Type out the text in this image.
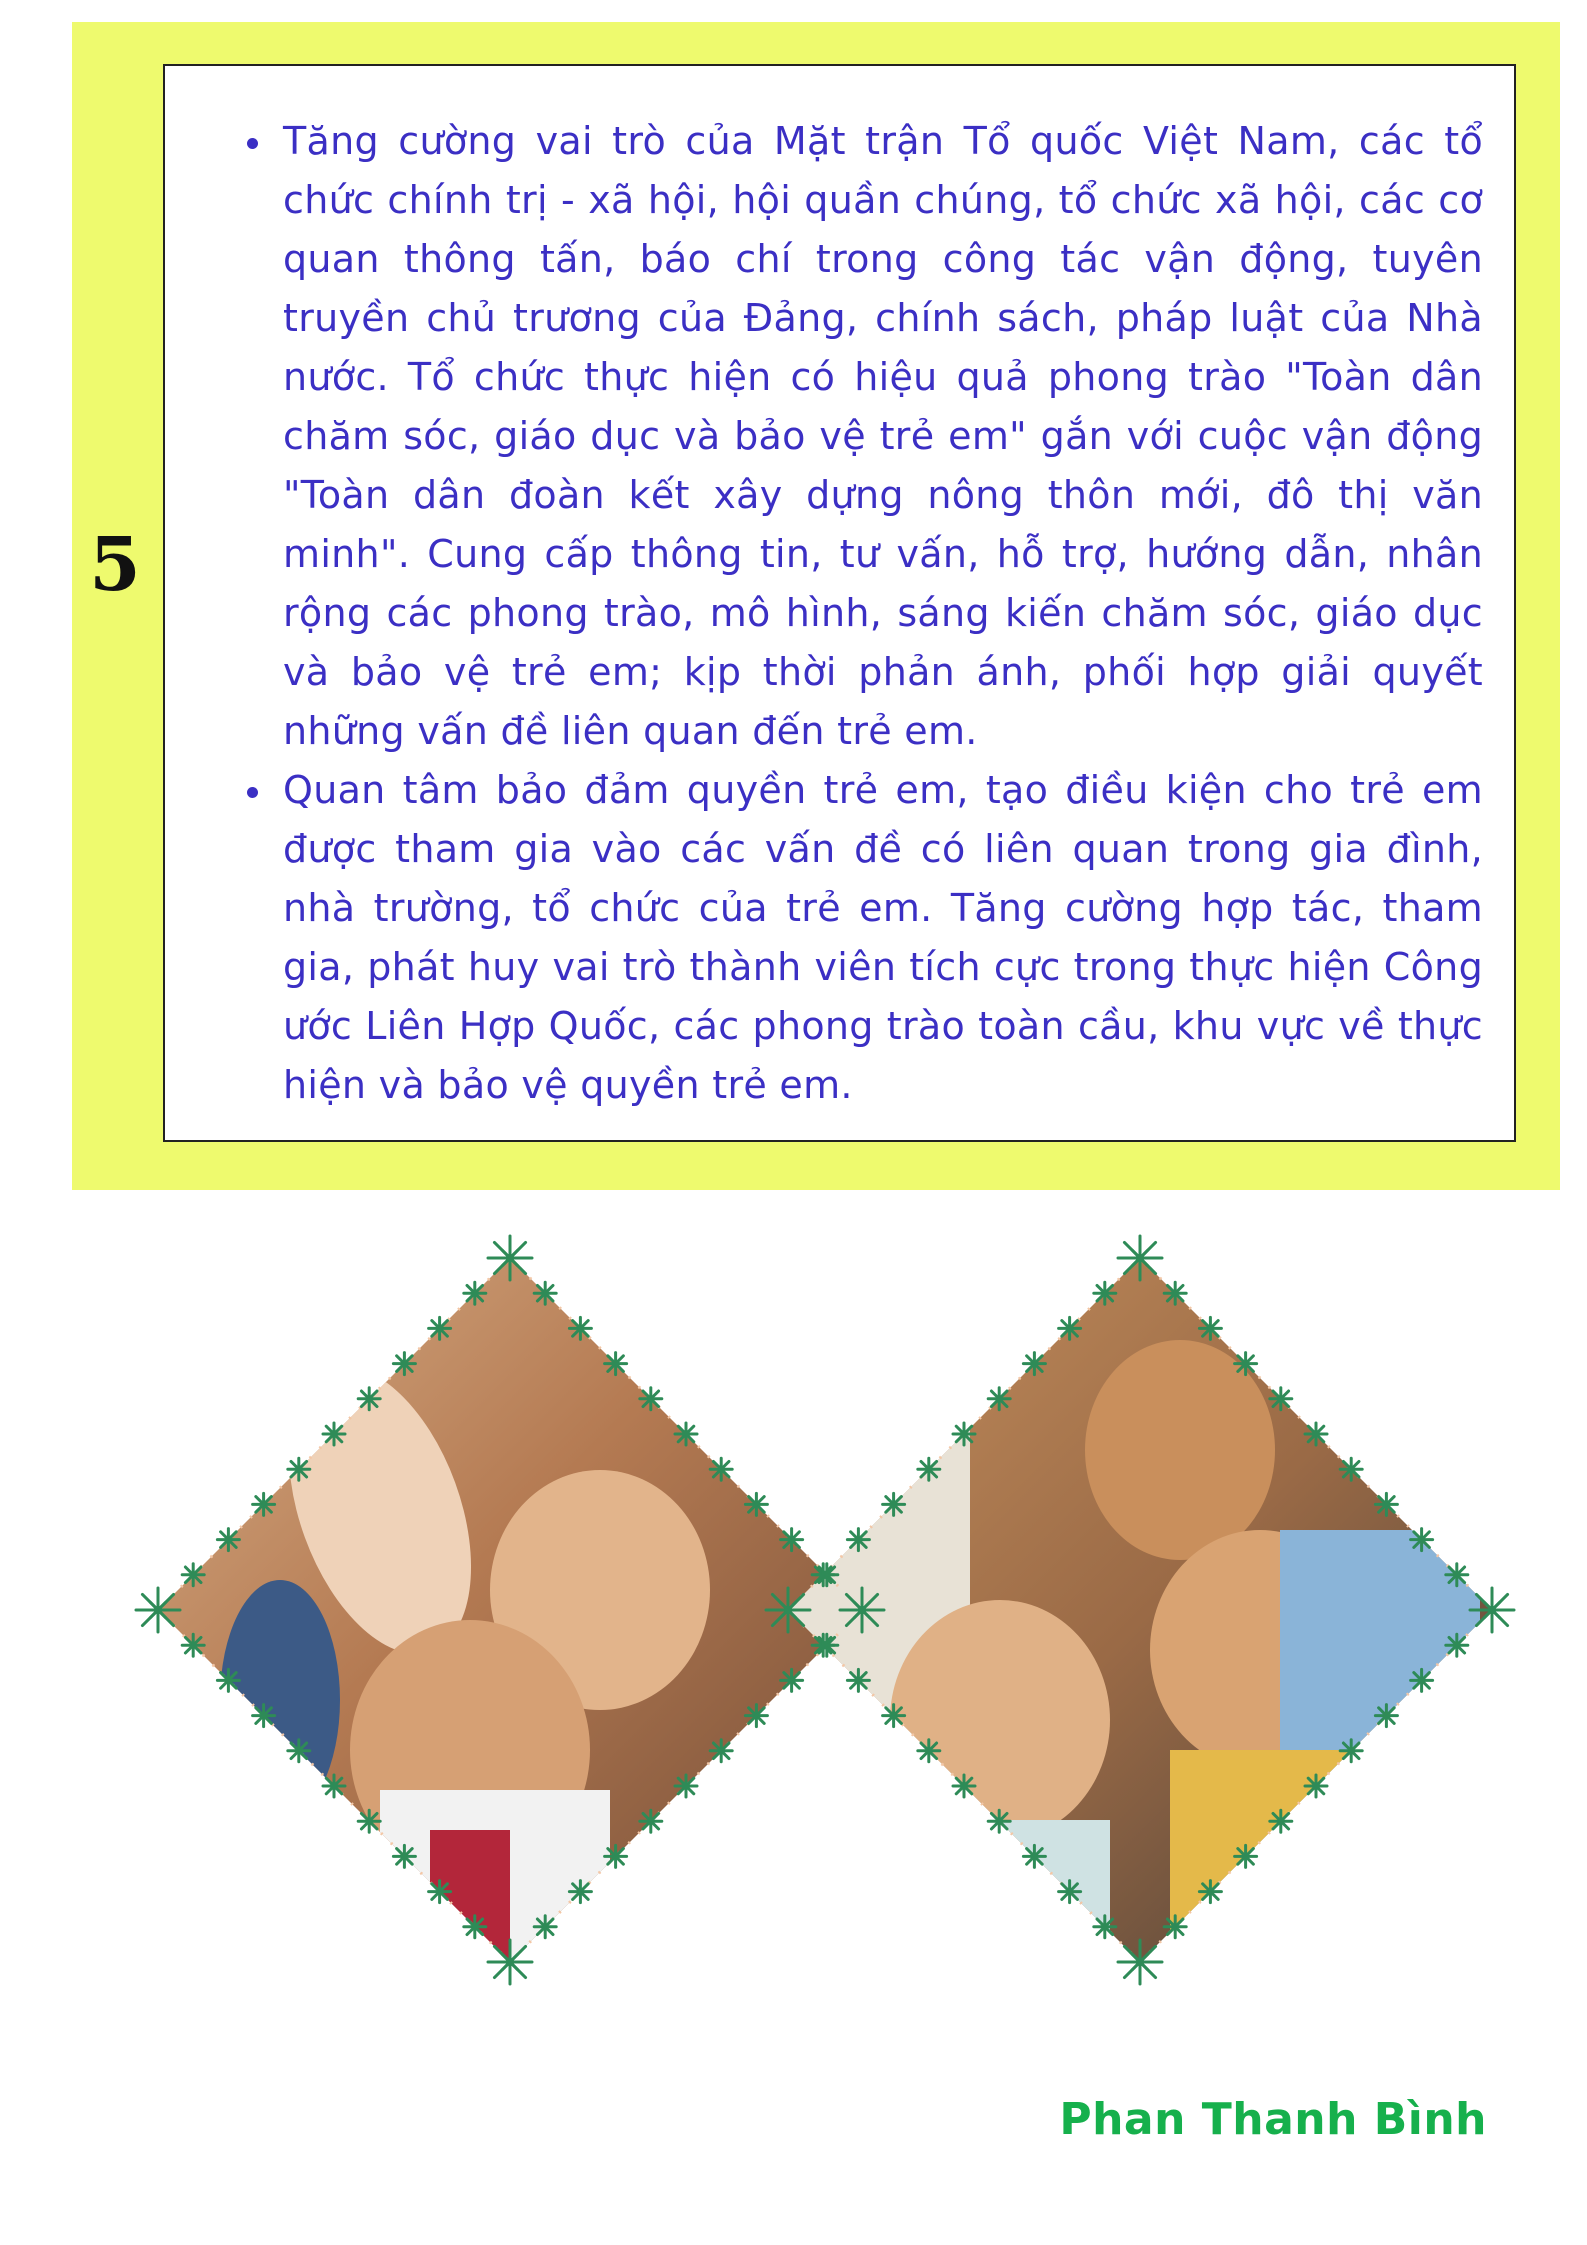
5
Tăng cường vai trò của Mặt trận Tổ quốc Việt Nam, các tổ chức chính trị - xã hội, hội quần chúng, tổ chức xã hội, các cơ quan thông tấn, báo chí trong công tác vận động, tuyên truyền chủ trương của Đảng, chính sách, pháp luật của Nhà nước. Tổ chức thực hiện có hiệu quả phong trào "Toàn dân chăm sóc, giáo dục và bảo vệ trẻ em" gắn với cuộc vận động "Toàn dân đoàn kết xây dựng nông thôn mới, đô thị văn minh". Cung cấp thông tin, tư vấn, hỗ trợ, hướng dẫn, nhân rộng các phong trào, mô hình, sáng kiến chăm sóc, giáo dục và bảo vệ trẻ em; kịp thời phản ánh, phối hợp giải quyết những vấn đề liên quan đến trẻ em.
Quan tâm bảo đảm quyền trẻ em, tạo điều kiện cho trẻ em được tham gia vào các vấn đề có liên quan trong gia đình, nhà trường, tổ chức của trẻ em. Tăng cường hợp tác, tham gia, phát huy vai trò thành viên tích cực trong thực hiện Công ước Liên Hợp Quốc, các phong trào toàn cầu, khu vực về thực hiện và bảo vệ quyền trẻ em.
Phan Thanh Bình
